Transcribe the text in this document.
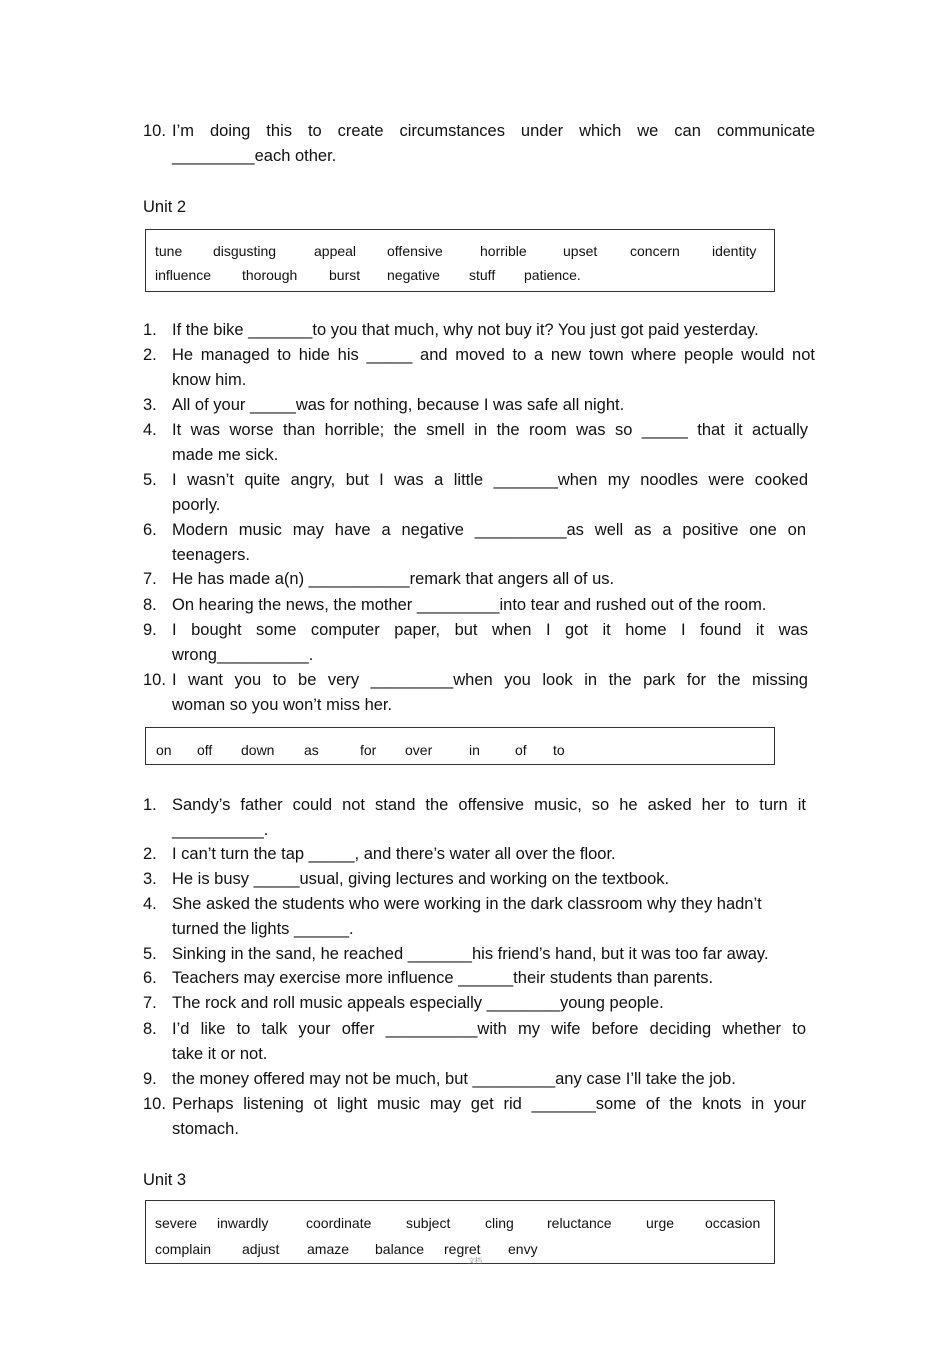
10. I’m doing this to create circumstances under which we can communicate
_________each other.
Unit 2
tune disgusting	appeal offensive	horrible	upset concern identity
influence thorough burst negative stuff patience.
1. If the bike _______to you that much, why not buy it? You just got paid yesterday.
2. He managed to hide his _____ and moved to a new town where people would not
know him.
3. All of your _____was for nothing, because I was safe all night.
4. It was worse than horrible; the smell in the room was so _____ that it actually
made me sick.
5. I wasn’t quite angry, but I was a little _______when my noodles were cooked
poorly.
6. Modern music may have a negative __________as well as a positive one on
teenagers.
7. He has made a(n) ___________remark that angers all of us.
8. On hearing the news, the mother _________into tear and rushed out of the room.
9. I bought some computer paper, but when I got it home I found it was
wrong__________.
10. I want you to be very _________when you look in the park for the missing
woman so you won’t miss her.
on off down as	for over	in	of to
1. Sandy’s father could not stand the offensive music, so he asked her to turn it
__________.
2. I can’t turn the tap _____, and there’s water all over the floor.
3. He is busy _____usual, giving lectures and working on the textbook.
4. She asked the students who were working in the dark classroom why they hadn’t
turned the lights ______.
5. Sinking in the sand, he reached _______his friend’s hand, but it was too far away.
6. Teachers may exercise more influence ______their students than parents.
7. The rock and roll music appeals especially ________young people.
8. I’d like to talk your offer __________with my wife before deciding whether to
take it or not.
9. the money offered may not be much, but _________any case I’ll take the job.
10. Perhaps listening ot light music may get rid _______some of the knots in your
stomach.
Unit 3
severe inwardly	coordinate subject cling reluctance urge occasion
complain adjust amaze balance regret envy
文档
